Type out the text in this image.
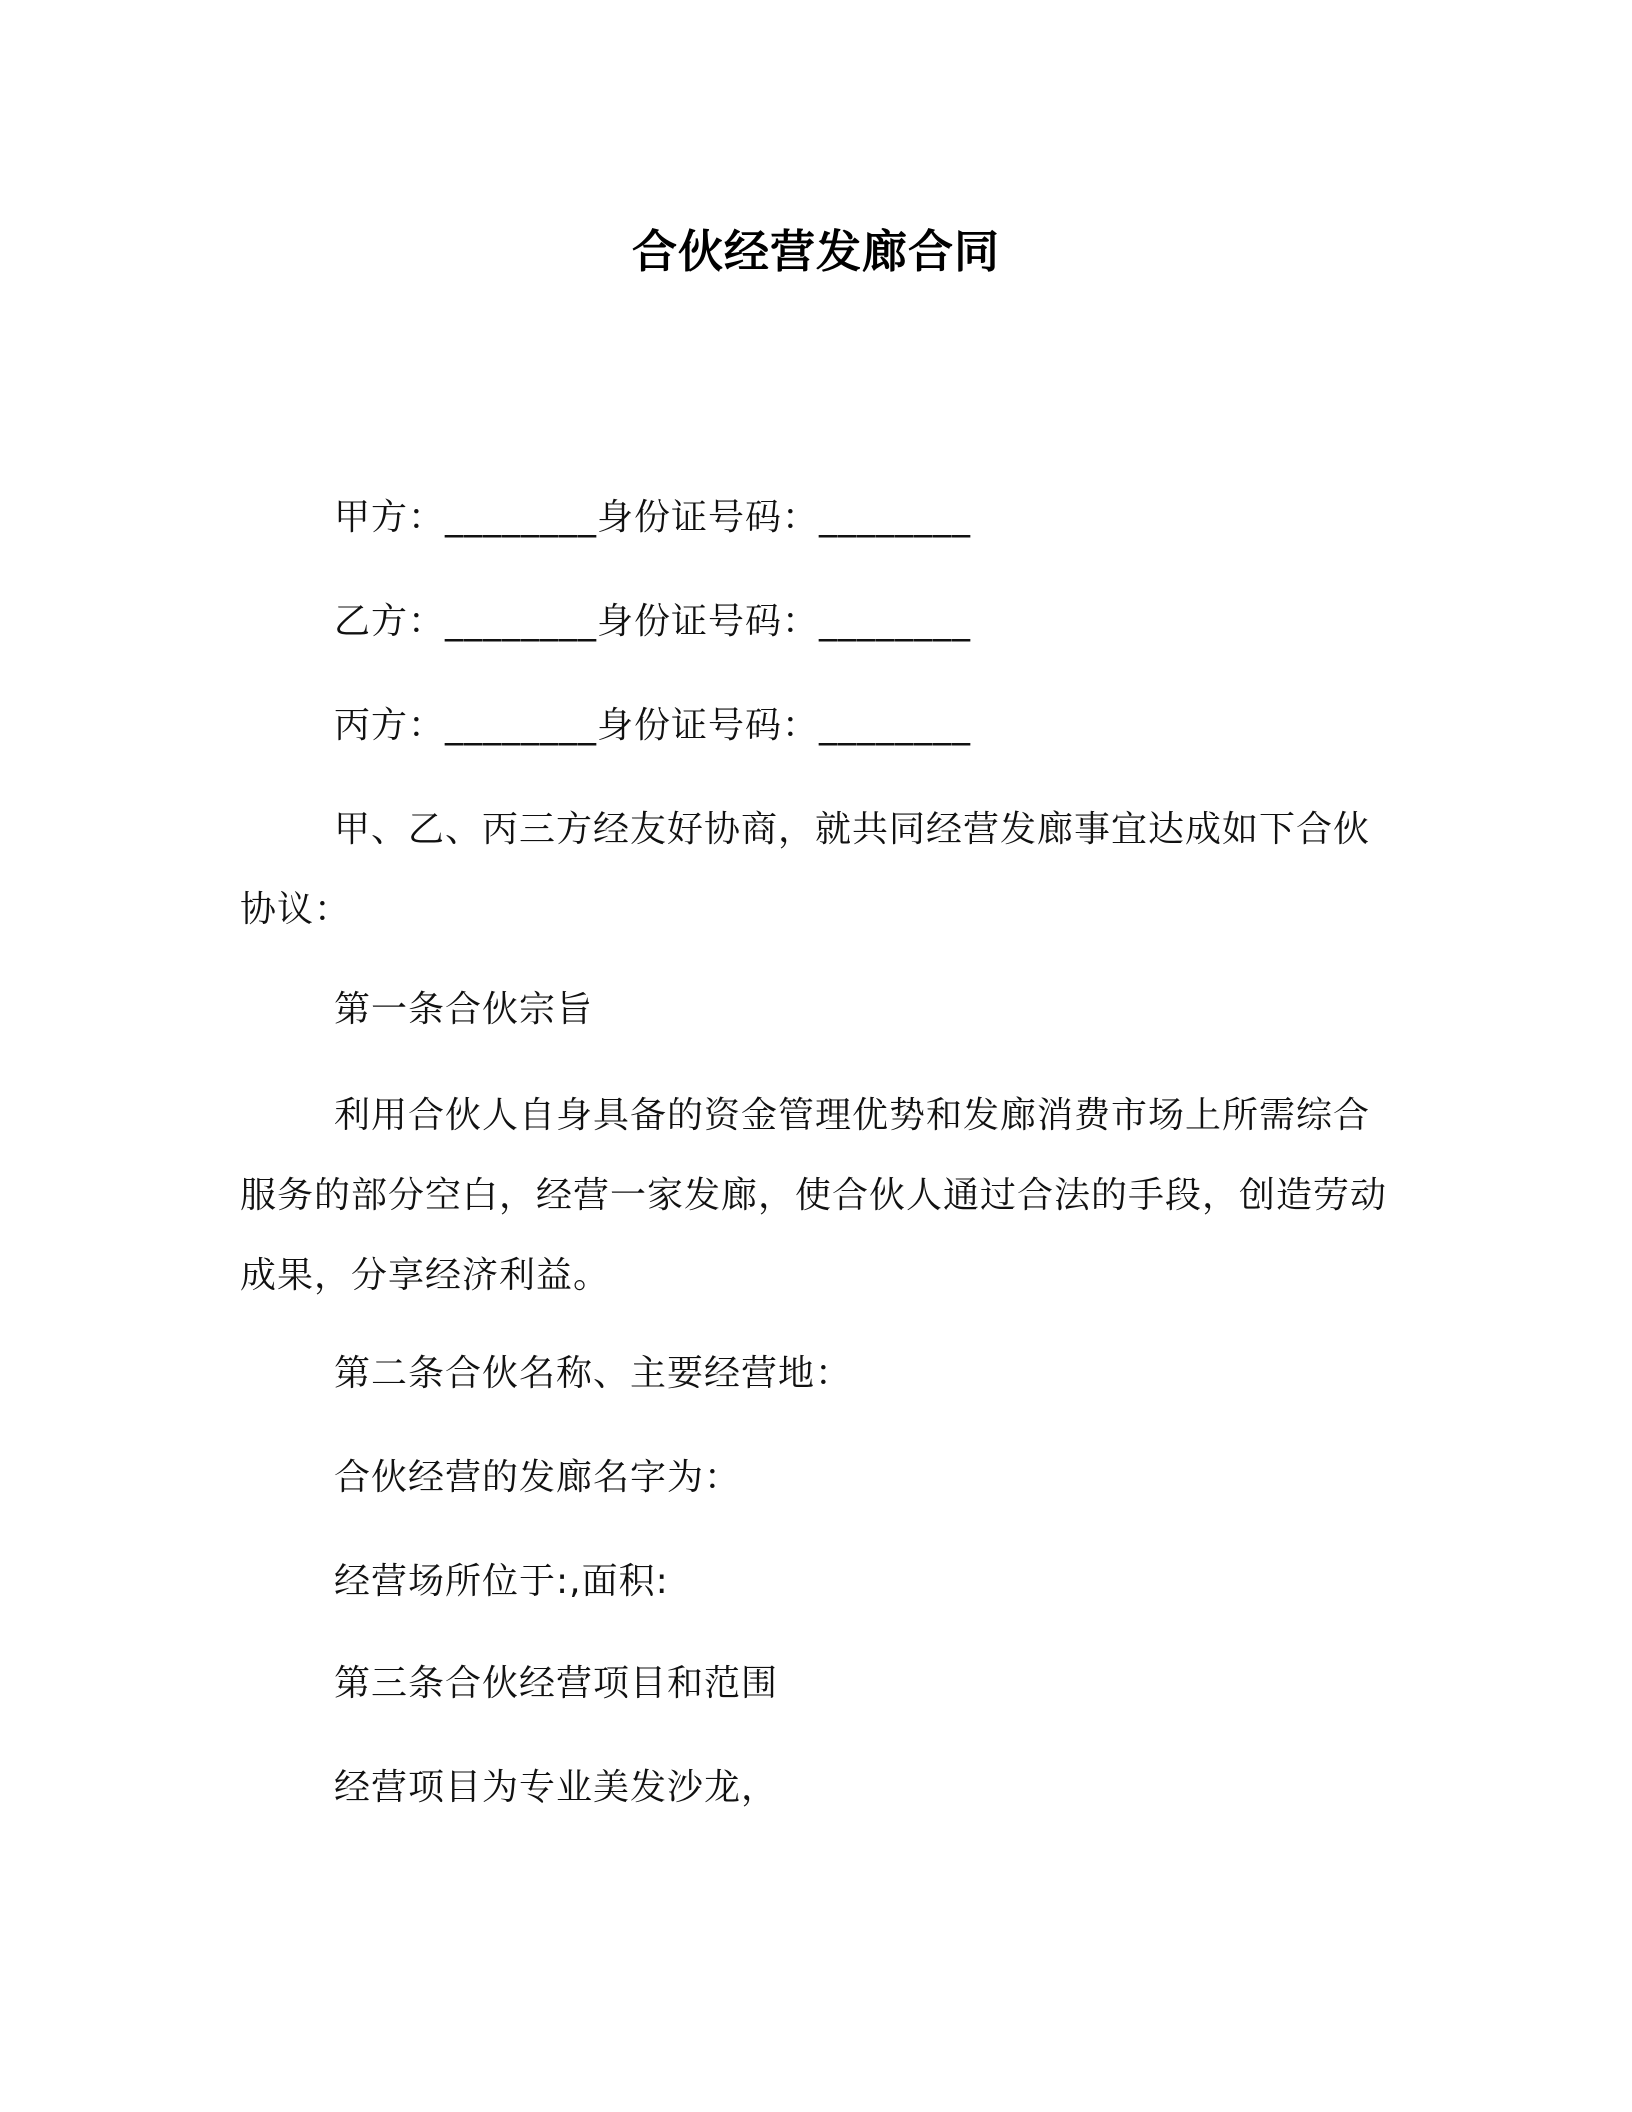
合伙经营发廊合同
甲方：________身份证号码：________
乙方：________身份证号码：________
丙方：________身份证号码：________
甲、乙、丙三方经友好协商，就共同经营发廊事宜达成如下合伙协议：
第一条合伙宗旨
利用合伙人自身具备的资金管理优势和发廊消费市场上所需综合服务的部分空白，经营一家发廊，使合伙人通过合法的手段，创造劳动成果，分享经济利益。
第二条合伙名称、主要经营地：
合伙经营的发廊名字为：
经营场所位于:,面积:
第三条合伙经营项目和范围
经营项目为专业美发沙龙，
